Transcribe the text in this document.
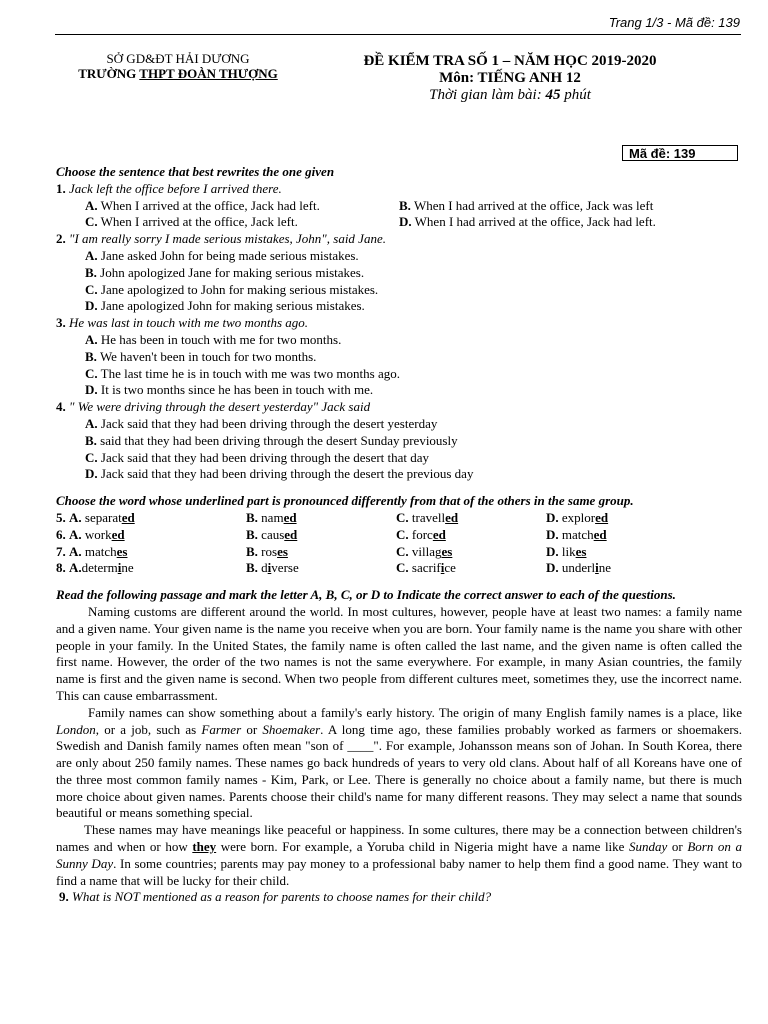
Trang 1/3 - Mã đề: 139
SỞ GD&ĐT HẢI DƯƠNG
TRƯỜNG THPT ĐOÀN THƯỢNG
ĐỀ KIỂM TRA SỐ 1 – NĂM HỌC 2019-2020
Môn: TIẾNG ANH 12
Thời gian làm bài: 45 phút
Mã đề: 139
Choose the sentence that best rewrites the one given
1. Jack left the office before I arrived there.
A. When I arrived at the office, Jack had left.	B. When I had arrived at the office, Jack was left
C. When I arrived at the office, Jack left.	D. When I had arrived at the office, Jack had left.
2. "I am really sorry I made serious mistakes, John", said Jane.
A. Jane asked John for being made serious mistakes.
B. John apologized Jane for making serious mistakes.
C. Jane apologized to John for making serious mistakes.
D. Jane apologized John for making serious mistakes.
3. He was last in touch with me two months ago.
A. He has been in touch with me for two months.
B. We haven't been in touch for two months.
C. The last time he is in touch with me was two months ago.
D. It is two months since he has been in touch with me.
4. " We were driving through the desert yesterday" Jack said
A. Jack said that they had been driving through the desert yesterday
B. said that they had been driving through the desert Sunday previously
C. Jack said that they had been driving through the desert that day
D. Jack said that they had been driving through the desert the previous day
Choose the word whose underlined part is pronounced differently from that of the others in the same group.
5. A. separated	B. named	C. travelled	D. explored
6. A. worked	B. caused	C. forced	D. matched
7. A. matches	B. roses	C. villages	D. likes
8. A.determine	B. diverse	C. sacrifice	D. underline
Read the following passage and mark the letter A, B, C, or D to Indicate the correct answer to each of the questions.

Naming customs are different around the world. In most cultures, however, people have at least two names: a family name and a given name. Your given name is the name you receive when you are born. Your family name is the name you share with other people in your family. In the United States, the family name is often called the last name, and the given name is often called the first name. However, the order of the two names is not the same everywhere. For example, in many Asian countries, the family name is first and the given name is second. When two people from different cultures meet, sometimes they, use the incorrect name. This can cause embarrassment.

Family names can show something about a family's early history. The origin of many English family names is a place, like London, or a job, such as Farmer or Shoemaker. A long time ago, these families probably worked as farmers or shoemakers. Swedish and Danish family names often mean "son of ____". For example, Johansson means son of Johan. In South Korea, there are only about 250 family names. These names go back hundreds of years to very old clans. About half of all Koreans have one of the three most common family names - Kim, Park, or Lee. There is generally no choice about a family name, but there is much more choice about given names. Parents choose their child's name for many different reasons. They may select a name that sounds beautiful or means something special.

These names may have meanings like peaceful or happiness. In some cultures, there may be a connection between children's names and when or how they were born. For example, a Yoruba child in Nigeria might have a name like Sunday or Born on a Sunny Day. In some countries; parents may pay money to a professional baby namer to help them find a good name. They want to find a name that will be lucky for their child.

9. What is NOT mentioned as a reason for parents to choose names for their child?
